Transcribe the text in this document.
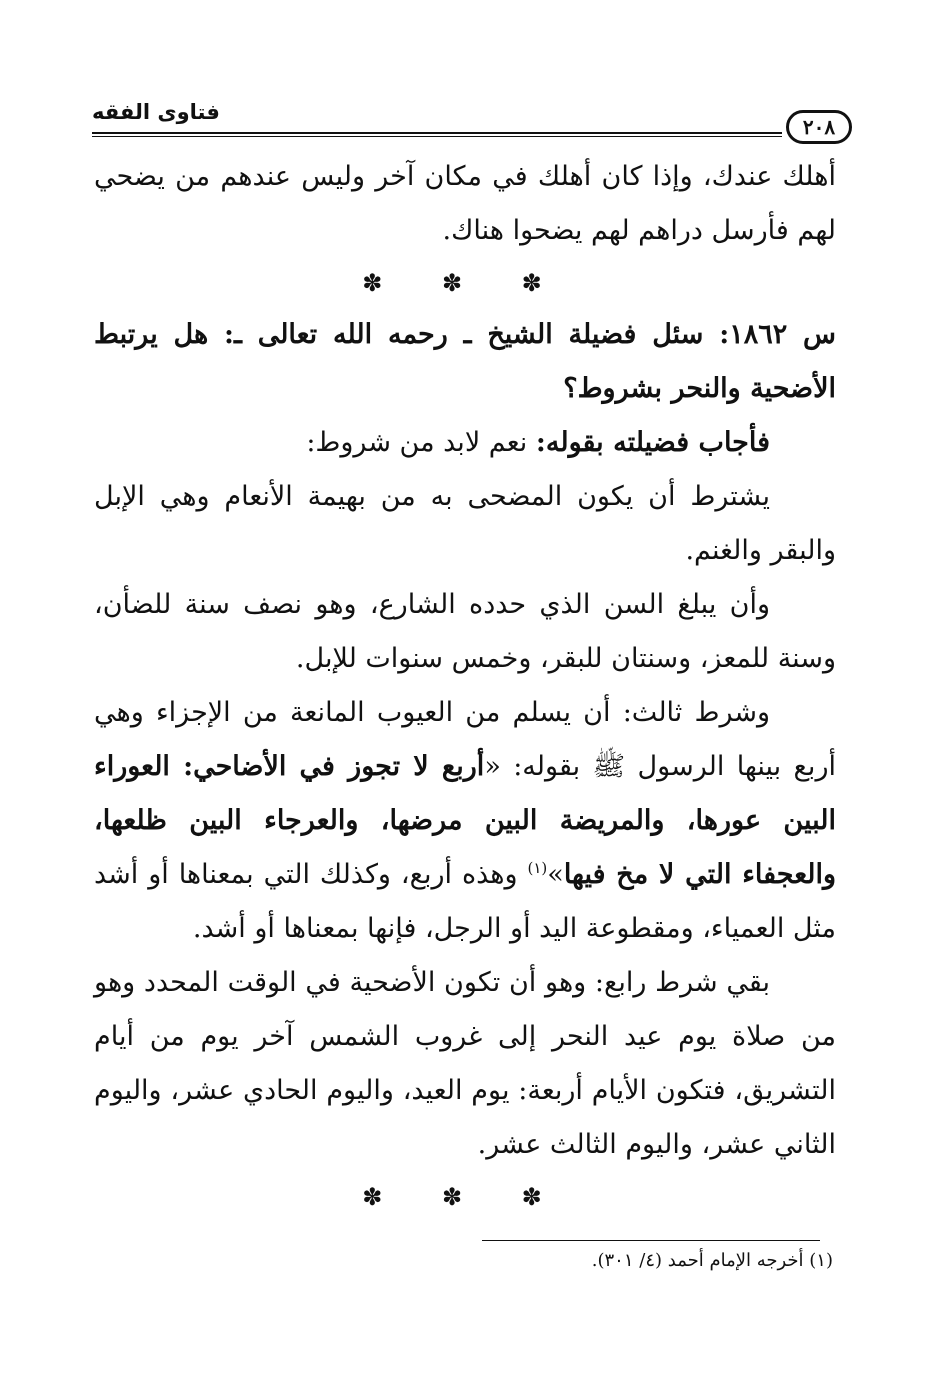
فتاوى الفقه
٢٠٨

أهلك عندك، وإذا كان أهلك في مكان آخر وليس عندهم من يضحي لهم فأرسل دراهم لهم يضحوا هناك.

✽ ✽ ✽

س ١٨٦٢: سئل فضيلة الشيخ ـ رحمه الله تعالى ـ: هل يرتبط الأضحية والنحر بشروط؟

فأجاب فضيلته بقوله: نعم لابد من شروط:

يشترط أن يكون المضحى به من بهيمة الأنعام وهي الإبل والبقر والغنم.

وأن يبلغ السن الذي حدده الشارع، وهو نصف سنة للضأن، وسنة للمعز، وسنتان للبقر، وخمس سنوات للإبل.

وشرط ثالث: أن يسلم من العيوب المانعة من الإجزاء وهي أربع بينها الرسول ﷺ بقوله: «أربع لا تجوز في الأضاحي: العوراء البين عورها، والمريضة البين مرضها، والعرجاء البين ظلعها، والعجفاء التي لا مخ فيها»$^{(١)}$ وهذه أربع، وكذلك التي بمعناها أو أشد مثل العمياء، ومقطوعة اليد أو الرجل، فإنها بمعناها أو أشد.

بقي شرط رابع: وهو أن تكون الأضحية في الوقت المحدد وهو من صلاة يوم عيد النحر إلى غروب الشمس آخر يوم من أيام التشريق، فتكون الأيام أربعة: يوم العيد، واليوم الحادي عشر، واليوم الثاني عشر، واليوم الثالث عشر.

✽ ✽ ✽
(١) أخرجه الإمام أحمد (٤/ ٣٠١).
